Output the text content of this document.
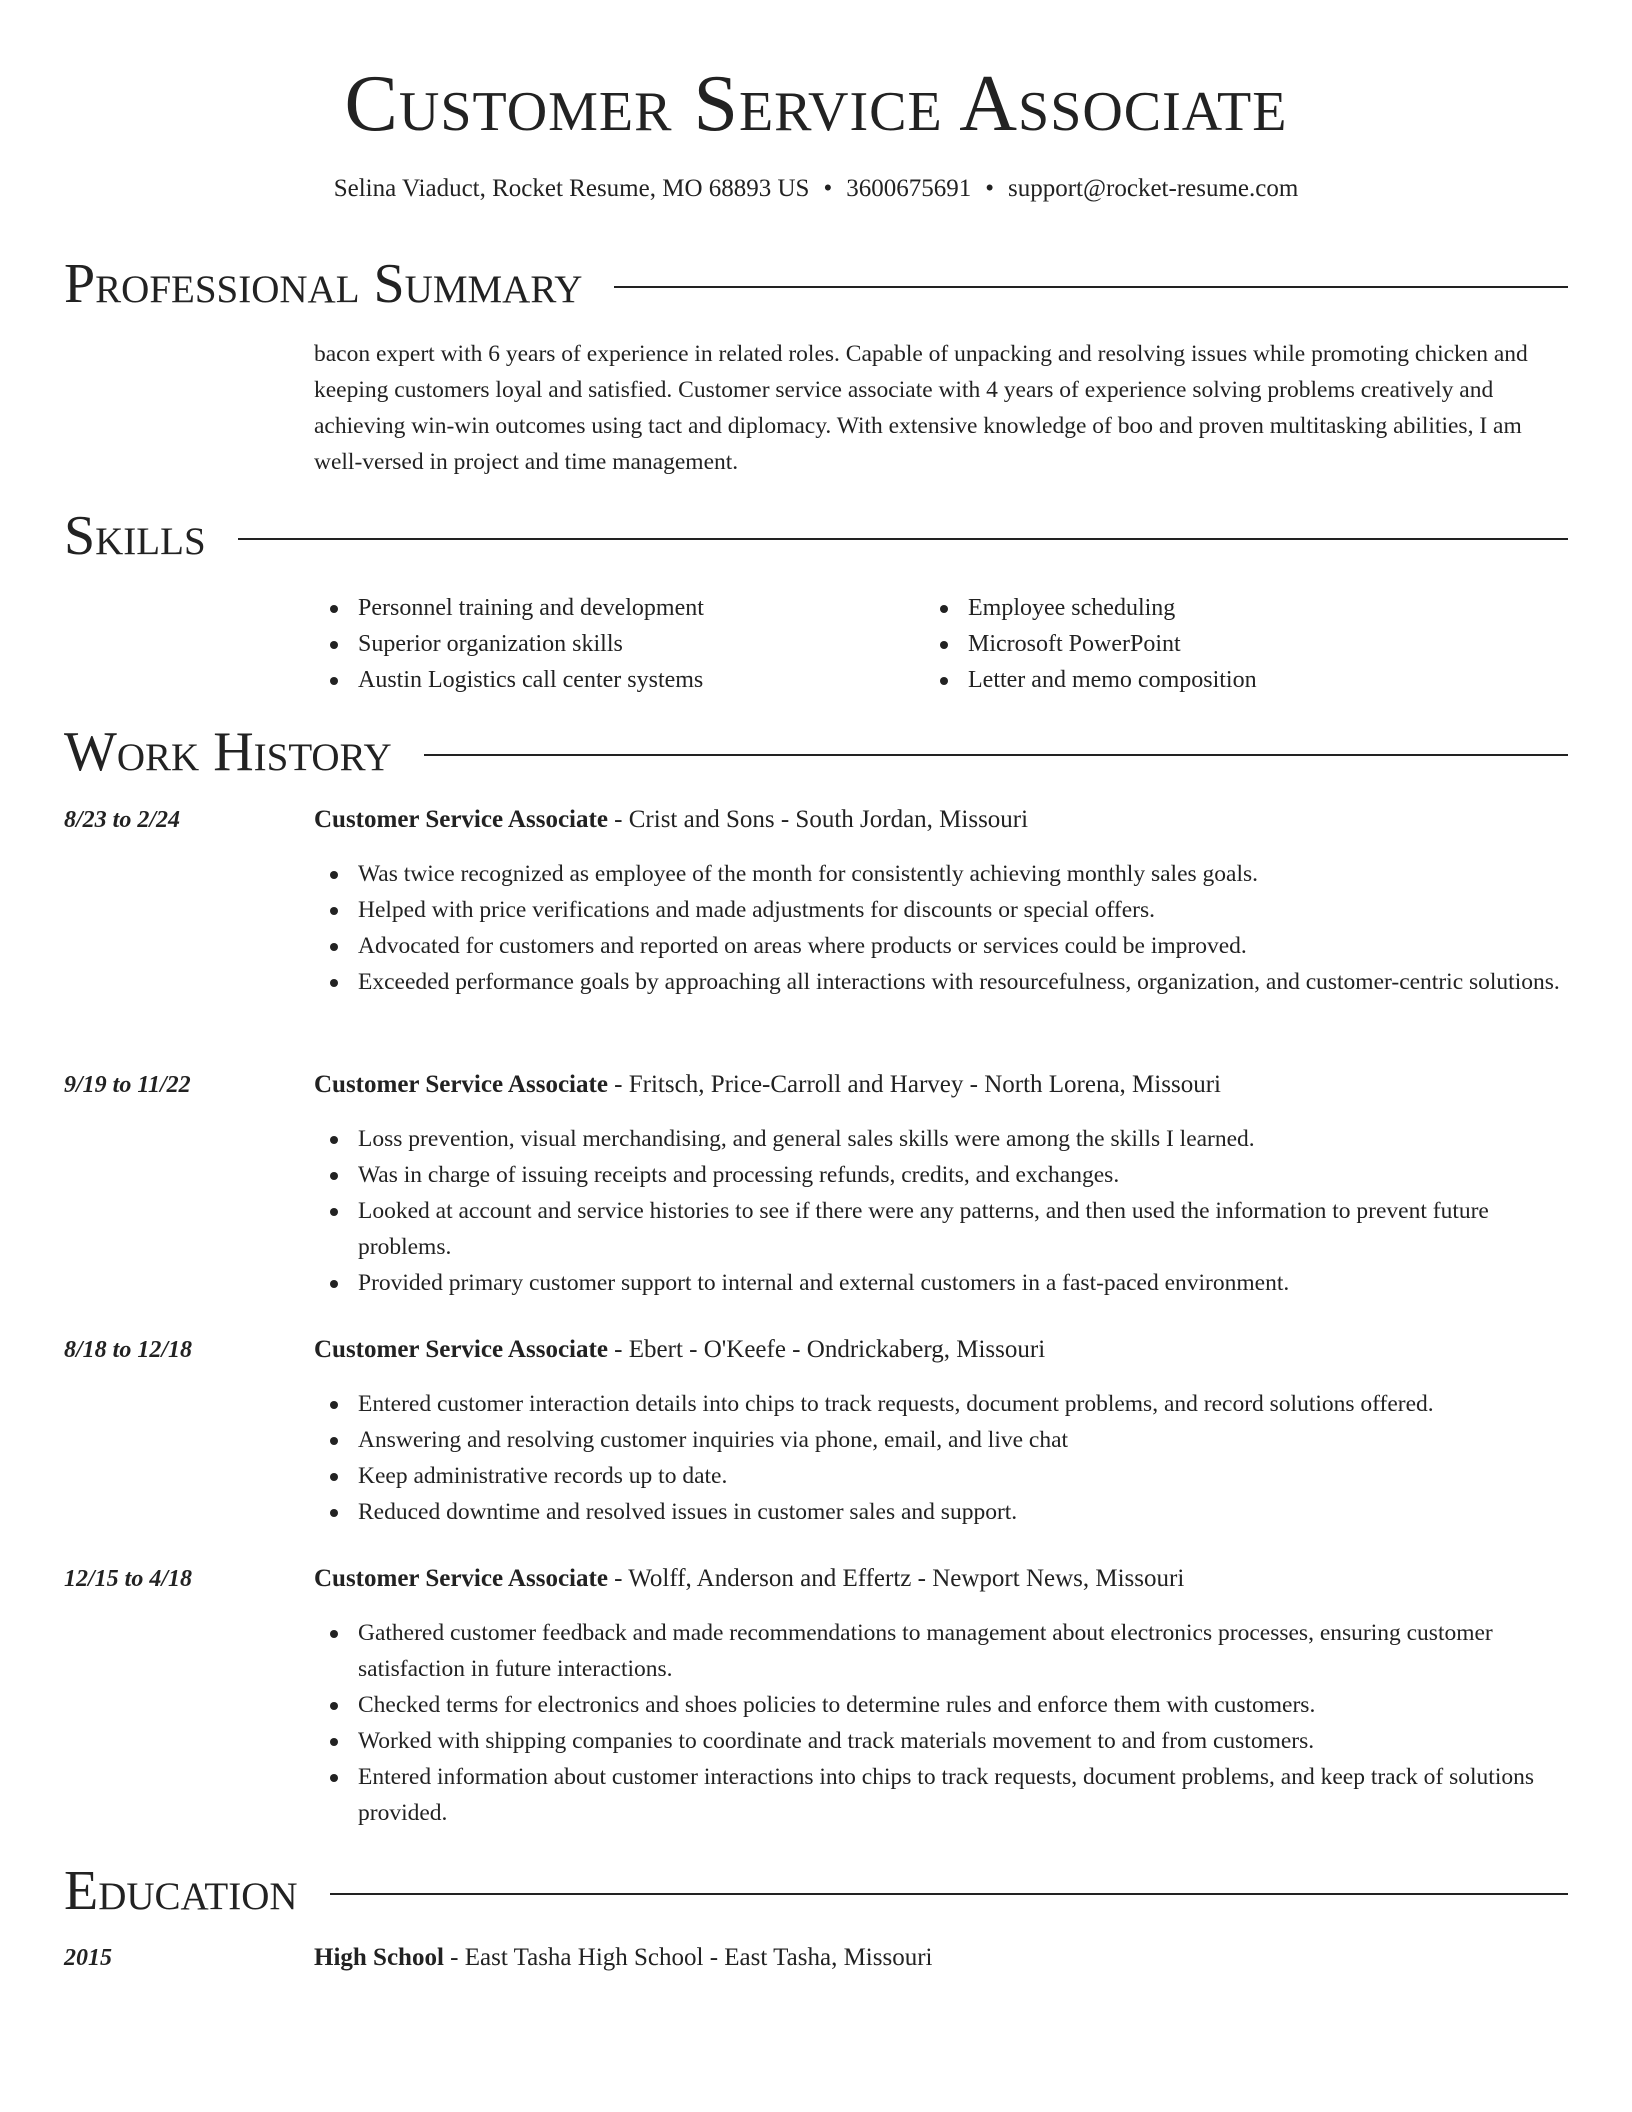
Customer Service Associate
Selina Viaduct, Rocket Resume, MO 68893 US • 3600675691 • support@rocket-resume.com
Professional Summary

bacon expert with 6 years of experience in related roles. Capable of unpacking and resolving issues while promoting chicken and keeping customers loyal and satisfied. Customer service associate with 4 years of experience solving problems creatively and achieving win-win outcomes using tact and diplomacy. With extensive knowledge of boo and proven multitasking abilities, I am well-versed in project and time management.

Skills
Personnel training and development
Superior organization skills
Austin Logistics call center systems
Employee scheduling
Microsoft PowerPoint
Letter and memo composition
Work History
8/23 to 2/24	Customer Service Associate - Crist and Sons - South Jordan, Missouri
Was twice recognized as employee of the month for consistently achieving monthly sales goals.
Helped with price verifications and made adjustments for discounts or special offers.
Advocated for customers and reported on areas where products or services could be improved.
Exceeded performance goals by approaching all interactions with resourcefulness, organization, and customer-centric solutions.
9/19 to 11/22	Customer Service Associate - Fritsch, Price-Carroll and Harvey - North Lorena, Missouri
Loss prevention, visual merchandising, and general sales skills were among the skills I learned.
Was in charge of issuing receipts and processing refunds, credits, and exchanges.
Looked at account and service histories to see if there were any patterns, and then used the information to prevent future problems.
Provided primary customer support to internal and external customers in a fast-paced environment.
8/18 to 12/18	Customer Service Associate - Ebert - O'Keefe - Ondrickaberg, Missouri
Entered customer interaction details into chips to track requests, document problems, and record solutions offered.
Answering and resolving customer inquiries via phone, email, and live chat
Keep administrative records up to date.
Reduced downtime and resolved issues in customer sales and support.
12/15 to 4/18	Customer Service Associate - Wolff, Anderson and Effertz - Newport News, Missouri
Gathered customer feedback and made recommendations to management about electronics processes, ensuring customer satisfaction in future interactions.
Checked terms for electronics and shoes policies to determine rules and enforce them with customers.
Worked with shipping companies to coordinate and track materials movement to and from customers.
Entered information about customer interactions into chips to track requests, document problems, and keep track of solutions provided.
Education
2015	High School - East Tasha High School - East Tasha, Missouri
